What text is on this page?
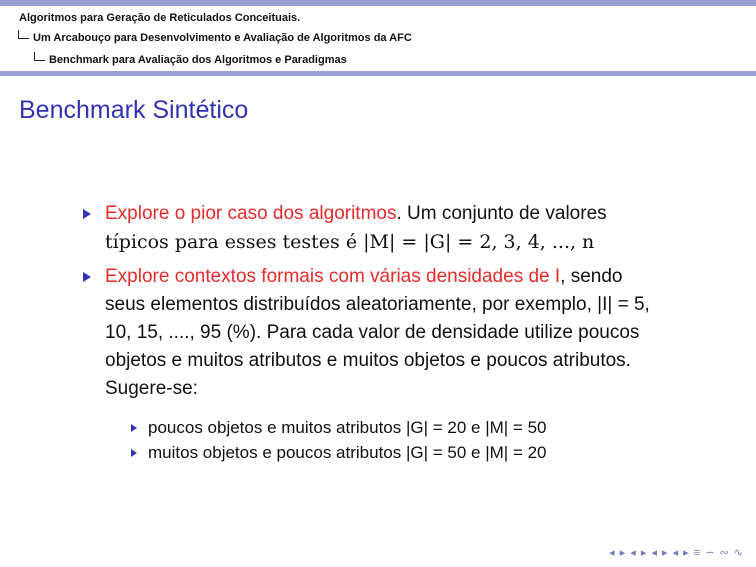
Algoritmos para Geração de Reticulados Conceituais.
Um Arcabouço para Desenvolvimento e Avaliação de Algoritmos da AFC
Benchmark para Avaliação dos Algoritmos e Paradigmas
Benchmark Sintético
Explore o pior caso dos algoritmos. Um conjunto de valores
típicos para esses testes é |M| = |G| = 2, 3, 4, ..., n
Explore contextos formais com várias densidades de I, sendo
seus elementos distribuídos aleatoriamente, por exemplo, |I| = 5,
10, 15, ...., 95 (%). Para cada valor de densidade utilize poucos
objetos e muitos atributos e muitos objetos e poucos atributos.
Sugere-se:
poucos objetos e muitos atributos |G| = 20 e |M| = 50
muitos objetos e poucos atributos |G| = 50 e |M| = 20
◂ ▸ ◂ ▸ ◂ ▸ ◂ ▸ ≡ ∽ ∾ ∿
